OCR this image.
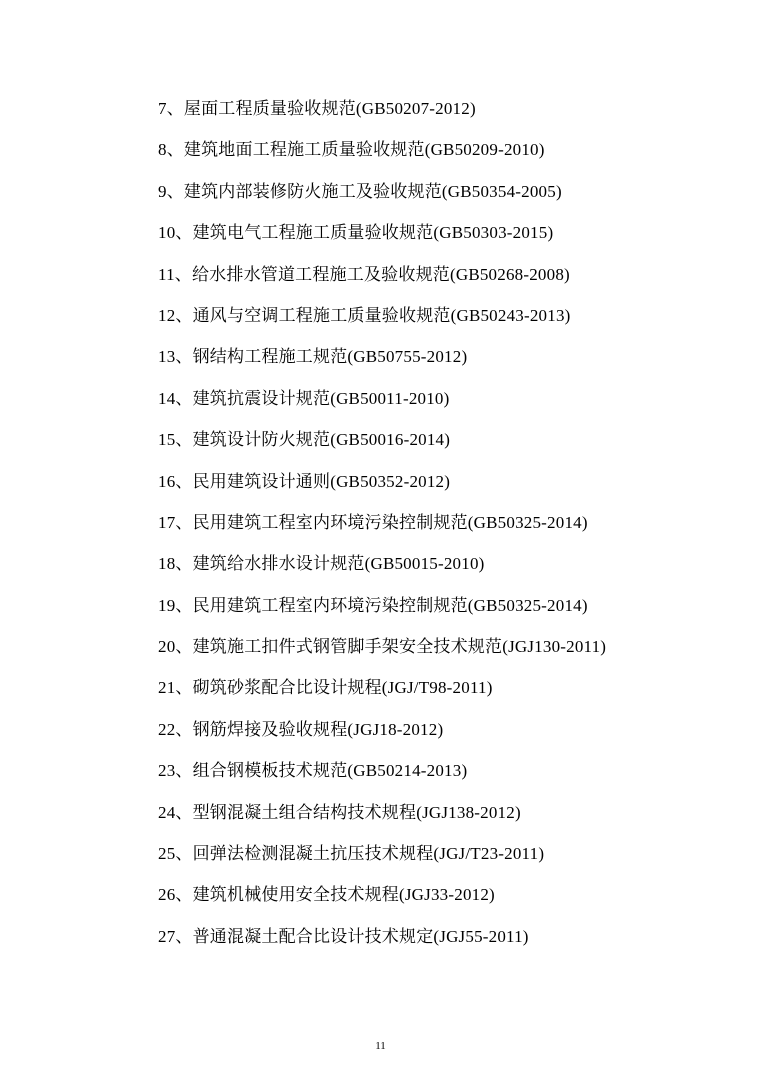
7、屋面工程质量验收规范(GB50207-2012)
8、建筑地面工程施工质量验收规范(GB50209-2010)
9、建筑内部装修防火施工及验收规范(GB50354-2005)
10、建筑电气工程施工质量验收规范(GB50303-2015)
11、给水排水管道工程施工及验收规范(GB50268-2008)
12、通风与空调工程施工质量验收规范(GB50243-2013)
13、钢结构工程施工规范(GB50755-2012)
14、建筑抗震设计规范(GB50011-2010)
15、建筑设计防火规范(GB50016-2014)
16、民用建筑设计通则(GB50352-2012)
17、民用建筑工程室内环境污染控制规范(GB50325-2014)
18、建筑给水排水设计规范(GB50015-2010)
19、民用建筑工程室内环境污染控制规范(GB50325-2014)
20、建筑施工扣件式钢管脚手架安全技术规范(JGJ130-2011)
21、砌筑砂浆配合比设计规程(JGJ/T98-2011)
22、钢筋焊接及验收规程(JGJ18-2012)
23、组合钢模板技术规范(GB50214-2013)
24、型钢混凝土组合结构技术规程(JGJ138-2012)
25、回弹法检测混凝土抗压技术规程(JGJ/T23-2011)
26、建筑机械使用安全技术规程(JGJ33-2012)
27、普通混凝土配合比设计技术规定(JGJ55-2011)
11
